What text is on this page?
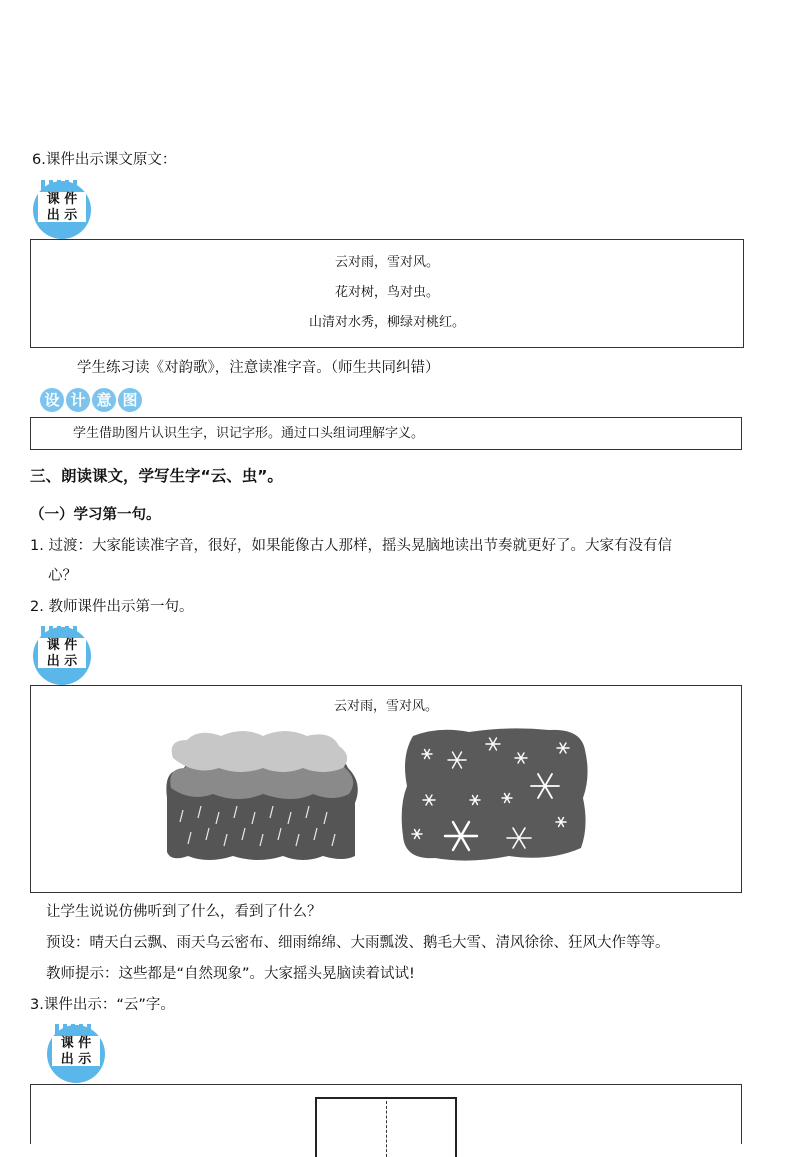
6.课件出示课文原文：
课 件
出 示
云对雨，雪对风。
花对树，鸟对虫。
山清对水秀，柳绿对桃红。
学生练习读《对韵歌》，注意读准字音。（师生共同纠错）
设 计 意 图
学生借助图片认识生字，识记字形。通过口头组词理解字义。
三、朗读课文，学写生字“云、虫”。
（一）学习第一句。
1. 过渡：大家能读准字音，很好，如果能像古人那样，摇头晃脑地读出节奏就更好了。大家有没有信
心？
2. 教师课件出示第一句。
课 件
出 示
云对雨，雪对风。
让学生说说仿佛听到了什么，看到了什么？
预设：晴天白云飘、雨天乌云密布、细雨绵绵、大雨瓢泼、鹅毛大雪、清风徐徐、狂风大作等等。
教师提示：这些都是“自然现象”。大家摇头晃脑读着试试!
3.课件出示：“云”字。
课 件
出 示
